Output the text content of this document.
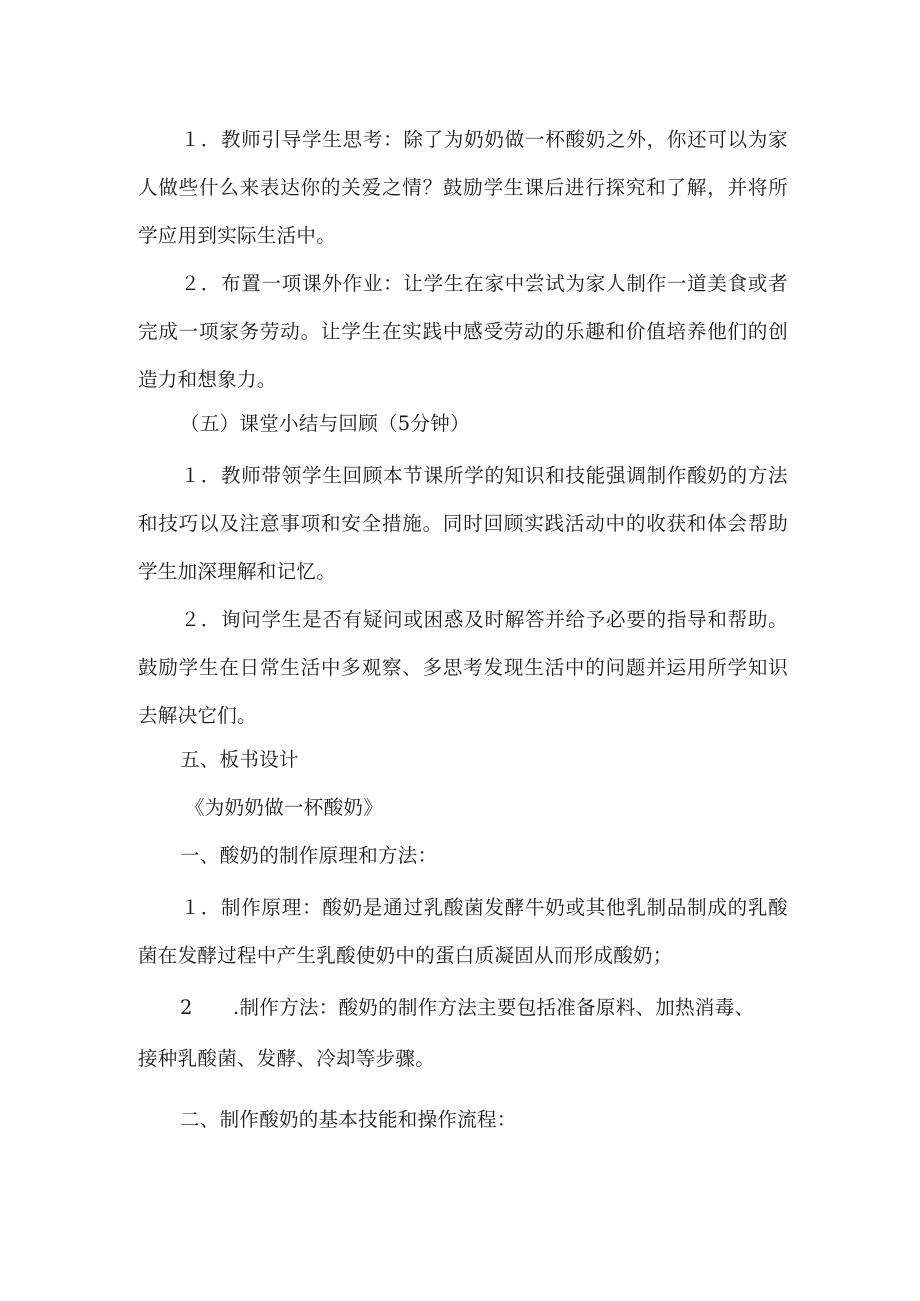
１．教师引导学生思考：除了为奶奶做一杯酸奶之外，你还可以为家人做些什么来表达你的关爱之情？鼓励学生课后进行探究和了解，并将所学应用到实际生活中。

２．布置一项课外作业：让学生在家中尝试为家人制作一道美食或者完成一项家务劳动。让学生在实践中感受劳动的乐趣和价值培养他们的创造力和想象力。

（五）课堂小结与回顾（5分钟）

１．教师带领学生回顾本节课所学的知识和技能强调制作酸奶的方法和技巧以及注意事项和安全措施。同时回顾实践活动中的收获和体会帮助学生加深理解和记忆。

２．询问学生是否有疑问或困惑及时解答并给予必要的指导和帮助。鼓励学生在日常生活中多观察、多思考发现生活中的问题并运用所学知识去解决它们。

五、板书设计

《为奶奶做一杯酸奶》

一、酸奶的制作原理和方法：

１．制作原理：酸奶是通过乳酸菌发酵牛奶或其他乳制品制成的乳酸菌在发酵过程中产生乳酸使奶中的蛋白质凝固从而形成酸奶；

2 .制作方法：酸奶的制作方法主要包括准备原料、加热消毒、

接种乳酸菌、发酵、冷却等步骤。

二、制作酸奶的基本技能和操作流程：
